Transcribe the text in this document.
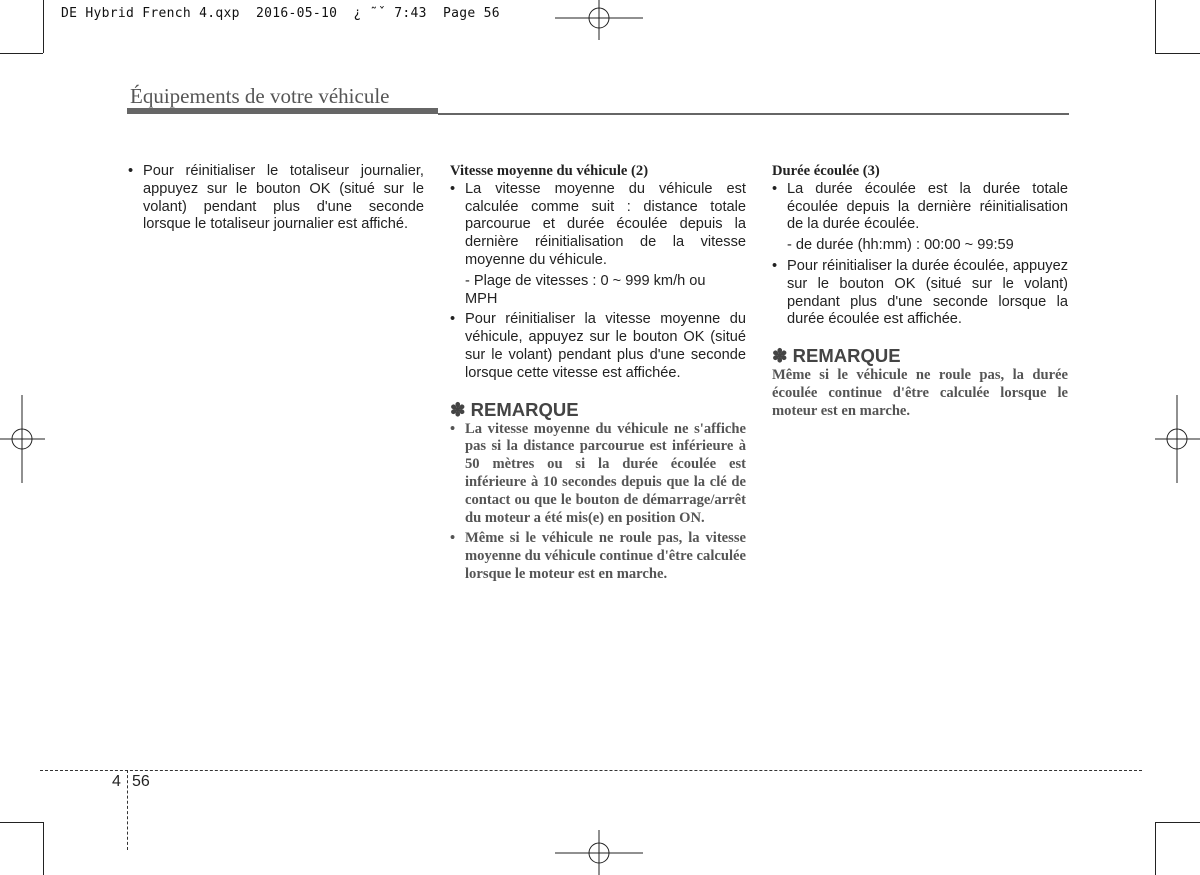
DE Hybrid French 4.qxp  2016-05-10  ¿ ˜ˇ 7:43  Page 56
Équipements de votre véhicule

• Pour réinitialiser le totaliseur journalier, appuyez sur le bouton OK (situé sur le volant) pendant plus d'une seconde lorsque le totaliseur journalier est affiché.

Vitesse moyenne du véhicule (2)

• La vitesse moyenne du véhicule est calculée comme suit : distance totale parcourue et durée écoulée depuis la dernière réinitialisation de la vitesse moyenne du véhicule.

- Plage de vitesses : 0 ~ 999 km/h ou

MPH

• Pour réinitialiser la vitesse moyenne du véhicule, appuyez sur le bouton OK (situé sur le volant) pendant plus d'une seconde lorsque cette vitesse est affichée.

✽ REMARQUE

• La vitesse moyenne du véhicule ne s'affiche pas si la distance parcourue est inférieure à 50 mètres ou si la durée écoulée est inférieure à 10 secondes depuis que la clé de contact ou que le bouton de démarrage/arrêt du moteur a été mis(e) en position ON.

• Même si le véhicule ne roule pas, la vitesse moyenne du véhicule continue d'être calculée lorsque le moteur est en marche.

Durée écoulée (3)

• La durée écoulée est la durée totale écoulée depuis la dernière réinitialisation de la durée écoulée.

- de durée (hh:mm) : 00:00 ~ 99:59

• Pour réinitialiser la durée écoulée, appuyez sur le bouton OK (situé sur le volant) pendant plus d'une seconde lorsque la durée écoulée est affichée.

✽ REMARQUE

Même si le véhicule ne roule pas, la durée écoulée continue d'être calculée lorsque le moteur est en marche.

4 56
